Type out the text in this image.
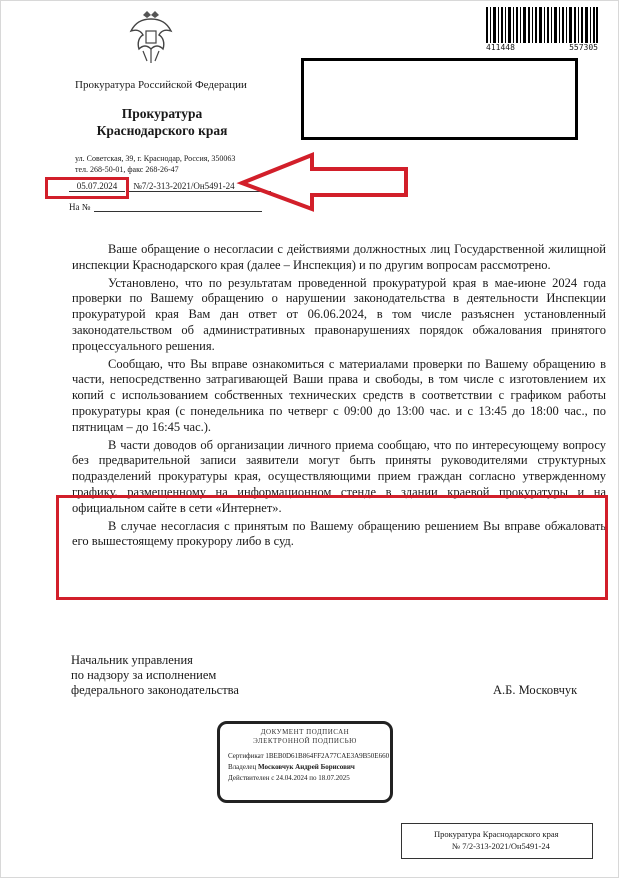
411448	557305
Прокуратура Российской Федерации
Прокуратура
Краснодарского края
ул. Советская, 39, г. Краснодар, Россия, 350063
тел. 268-50-01, факс 268-26-47
05.07.2024 №7/2-313-2021/Он5491-24
На №

Ваше обращение о несогласии с действиями должностных лиц Государственной жилищной инспекции Краснодарского края (далее – Инспекция) и по другим вопросам рассмотрено.

Установлено, что по результатам проведенной прокуратурой края в мае-июне 2024 года проверки по Вашему обращению о нарушении законодательства в деятельности Инспекции прокуратурой края Вам дан ответ от 06.06.2024, в том числе разъяснен установленный законодательством об административных правонарушениях порядок обжалования принятого процессуального решения.

Сообщаю, что Вы вправе ознакомиться с материалами проверки по Вашему обращению в части, непосредственно затрагивающей Ваши права и свободы, в том числе с изготовлением их копий с использованием собственных технических средств в соответствии с графиком работы прокуратуры края (с понедельника по четверг с 09:00 до 13:00 час. и с 13:45 до 18:00 час., по пятницам – до 16:45 час.).

В части доводов об организации личного приема сообщаю, что по интересующему вопросу без предварительной записи заявители могут быть приняты руководителями структурных подразделений прокуратуры края, осуществляющими прием граждан согласно утвержденному графику, размещенному на информационном стенде в здании краевой прокуратуры и на официальном сайте в сети «Интернет».

В случае несогласия с принятым по Вашему обращению решением Вы вправе обжаловать его вышестоящему прокурору либо в суд.

Начальник управления
по надзору за исполнением
федерального законодательства	А.Б. Московчук
ДОКУМЕНТ ПОДПИСАН
ЭЛЕКТРОННОЙ ПОДПИСЬЮ
Сертификат 1BEB0D61B864FF2A77CAE3A9B50E660
Владелец Московчук Андрей Борисович
Действителен с 24.04.2024 по 18.07.2025
Прокуратура Краснодарского края
№ 7/2-313-2021/Он5491-24
